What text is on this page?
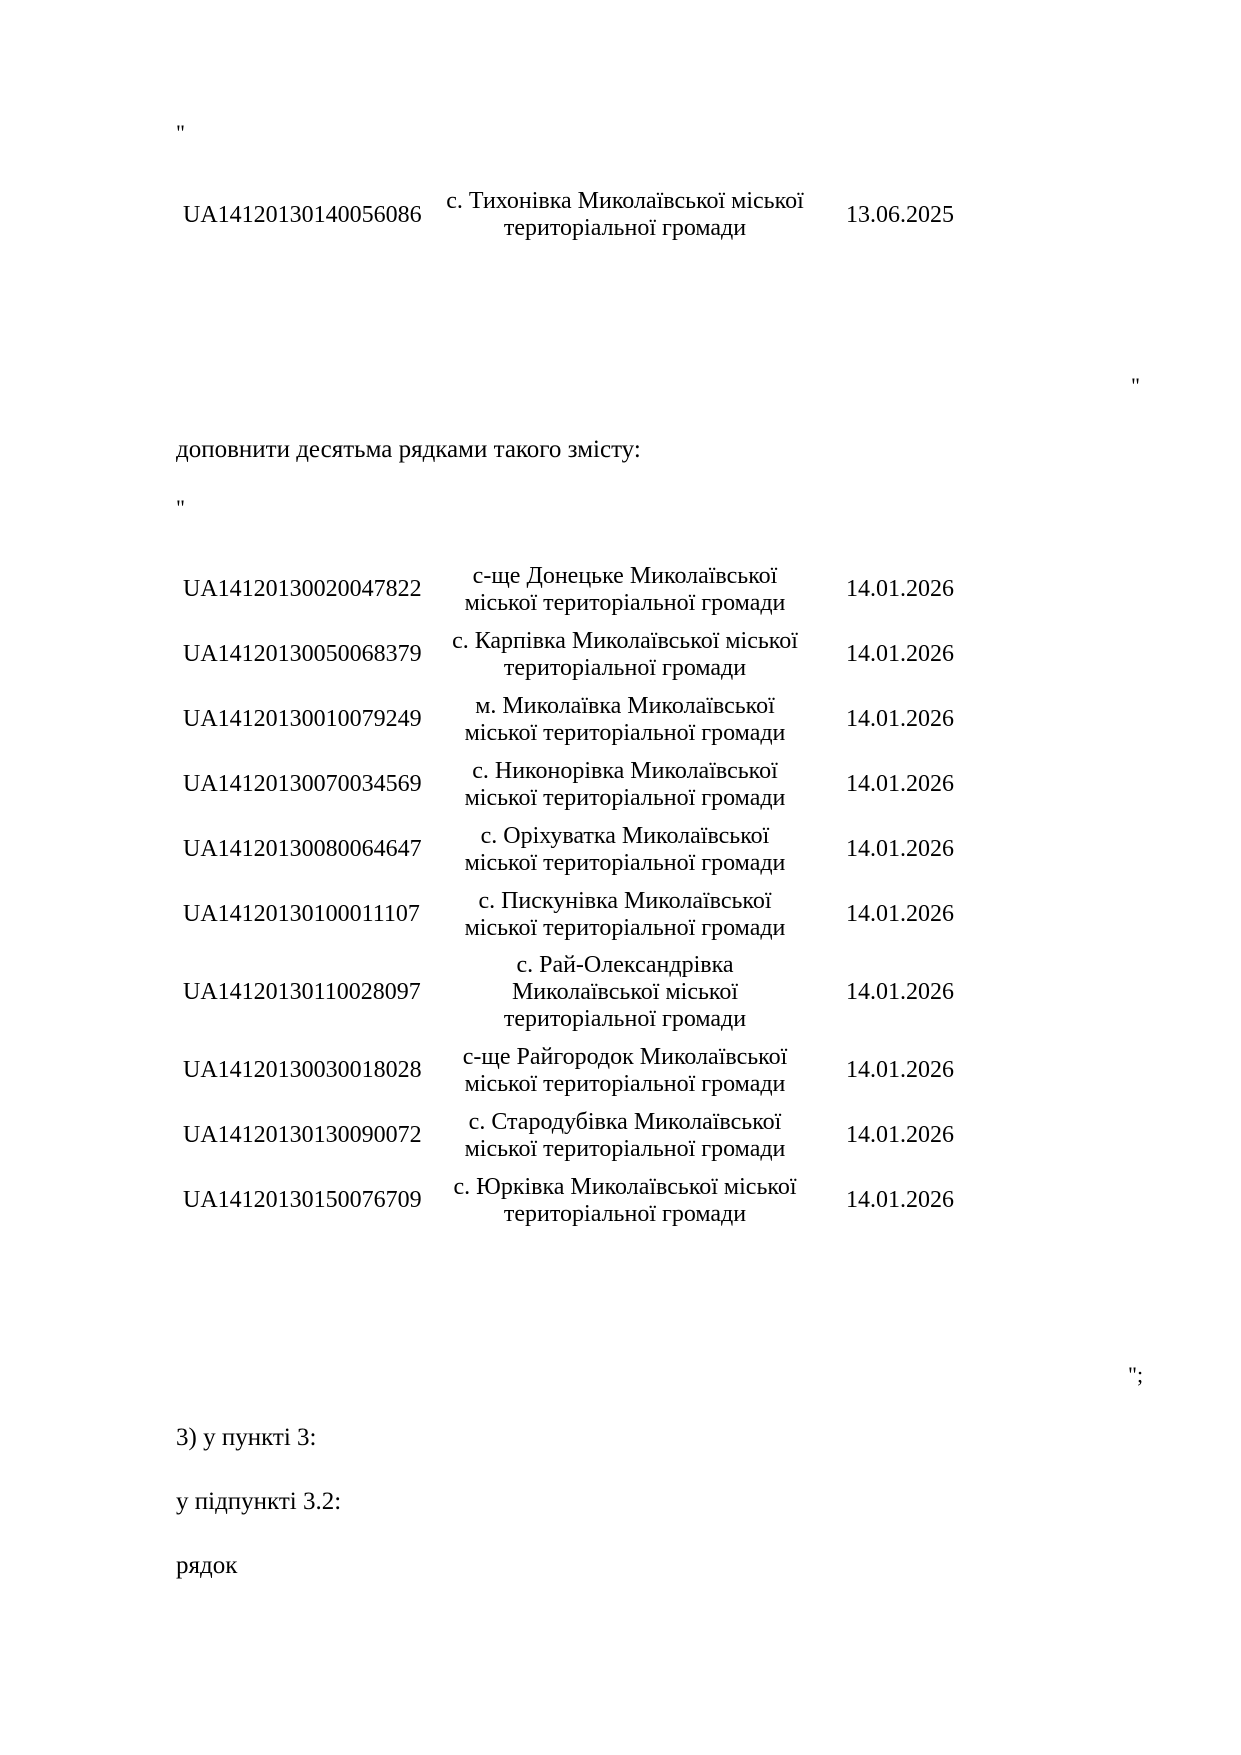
"
UA14120130140056086	с. Тихонівка Миколаївської міської територіальної громади	13.06.2025
"
доповнити десятьма рядками такого змісту:
"
UA14120130020047822	с-ще Донецьке Миколаївської міської територіальної громади	14.01.2026
UA14120130050068379	с. Карпівка Миколаївської міської територіальної громади	14.01.2026
UA14120130010079249	м. Миколаївка Миколаївської міської територіальної громади	14.01.2026
UA14120130070034569	с. Никонорівка Миколаївської міської територіальної громади	14.01.2026
UA14120130080064647	с. Оріхуватка Миколаївської міської територіальної громади	14.01.2026
UA14120130100011107	с. Пискунівка Миколаївської міської територіальної громади	14.01.2026
UA14120130110028097	с. Рай-Олександрівка Миколаївської міської територіальної громади	14.01.2026
UA14120130030018028	с-ще Райгородок Миколаївської міської територіальної громади	14.01.2026
UA14120130130090072	с. Стародубівка Миколаївської міської територіальної громади	14.01.2026
UA14120130150076709	с. Юрківка Миколаївської міської територіальної громади	14.01.2026
";
3) у пункті 3:
у підпункті 3.2:
рядок
